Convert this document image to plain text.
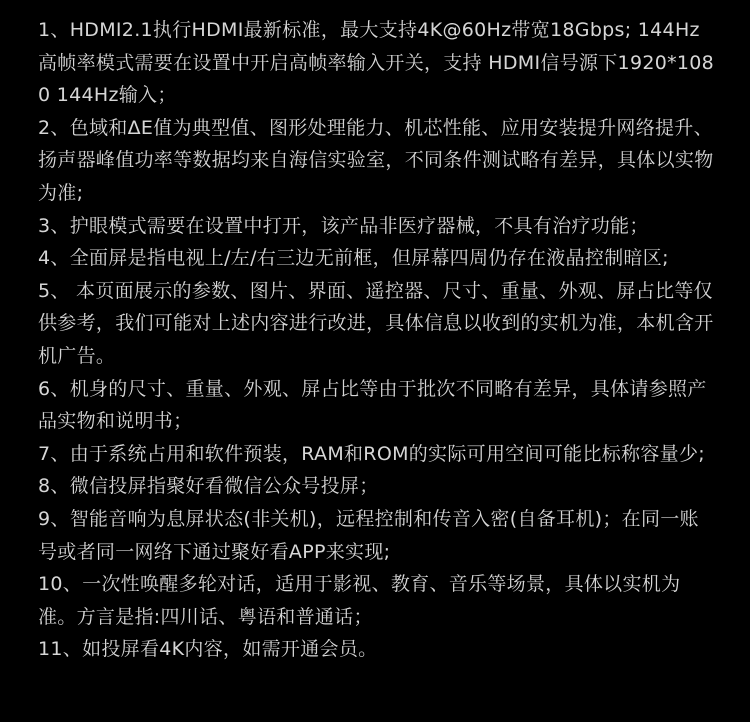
1、HDMI2.1执行HDMI最新标准，最大支持4K@60Hz带宽18Gbps; 144Hz高帧率模式需要在设置中开启高帧率输入开关，支持 HDMI信号源下1920*1080 144Hz输入；
2、色域和ΔE值为典型值、图形处理能力、机芯性能、应用安装提升网络提升、扬声器峰值功率等数据均来自海信实验室，不同条件测试略有差异，具体以实物为准;
3、护眼模式需要在设置中打开，该产品非医疗器械，不具有治疗功能；
4、全面屏是指电视上/左/右三边无前框，但屏幕四周仍存在液晶控制暗区;
5、 本页面展示的参数、图片、界面、遥控器、尺寸、重量、外观、屏占比等仅供参考，我们可能对上述内容进行改进，具体信息以收到的实机为准，本机含开机广告。
6、机身的尺寸、重量、外观、屏占比等由于批次不同略有差异，具体请参照产品实物和说明书；
7、由于系统占用和软件预装，RAM和ROM的实际可用空间可能比标称容量少;
8、微信投屏指聚好看微信公众号投屏；
9、智能音响为息屏状态(非关机)，远程控制和传音入密(自备耳机)；在同一账号或者同一网络下通过聚好看APP来实现;
10、一次性唤醒多轮对话，适用于影视、教育、音乐等场景，具体以实机为准。方言是指:四川话、粤语和普通话；
11、如投屏看4K内容，如需开通会员。
